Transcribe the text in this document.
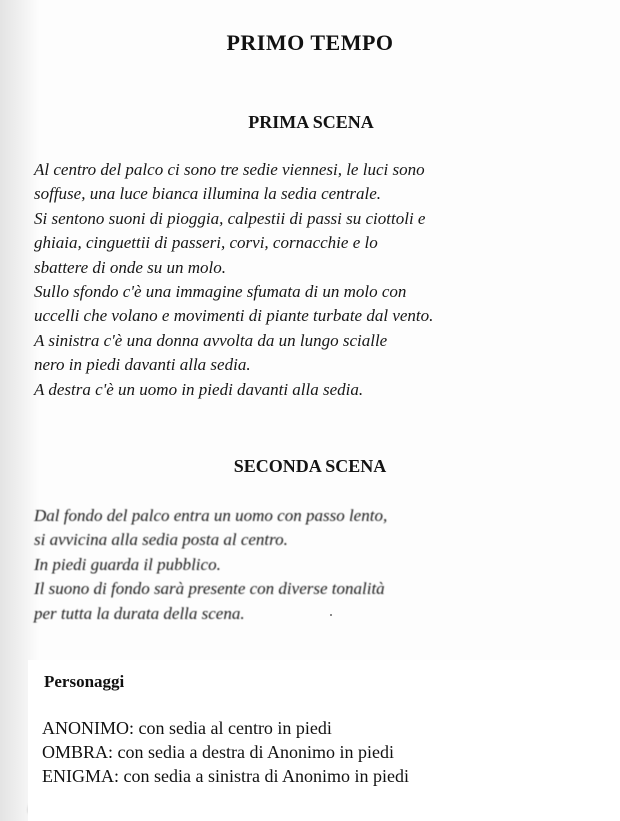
PRIMO TEMPO
PRIMA SCENA
Al centro del palco ci sono tre sedie viennesi, le luci sono
soffuse, una luce bianca illumina la sedia centrale.
Si sentono suoni di pioggia, calpestii di passi su ciottoli e
ghiaia, cinguettii di passeri, corvi, cornacchie e lo
sbattere di onde su un molo.
Sullo sfondo c'è una immagine sfumata di un molo con
uccelli che volano e movimenti di piante turbate dal vento.
A sinistra c'è una donna avvolta da un lungo scialle
nero in piedi davanti alla sedia.
A destra c'è un uomo in piedi davanti alla sedia.
SECONDA SCENA
Dal fondo del palco entra un uomo con passo lento,
si avvicina alla sedia posta al centro.
In piedi guarda il pubblico.
Il suono di fondo sarà presente con diverse tonalità
per tutta la durata della scena.
Personaggi
ANONIMO: con sedia al centro in piedi
OMBRA: con sedia a destra di Anonimo in piedi
ENIGMA: con sedia a sinistra di Anonimo in piedi
